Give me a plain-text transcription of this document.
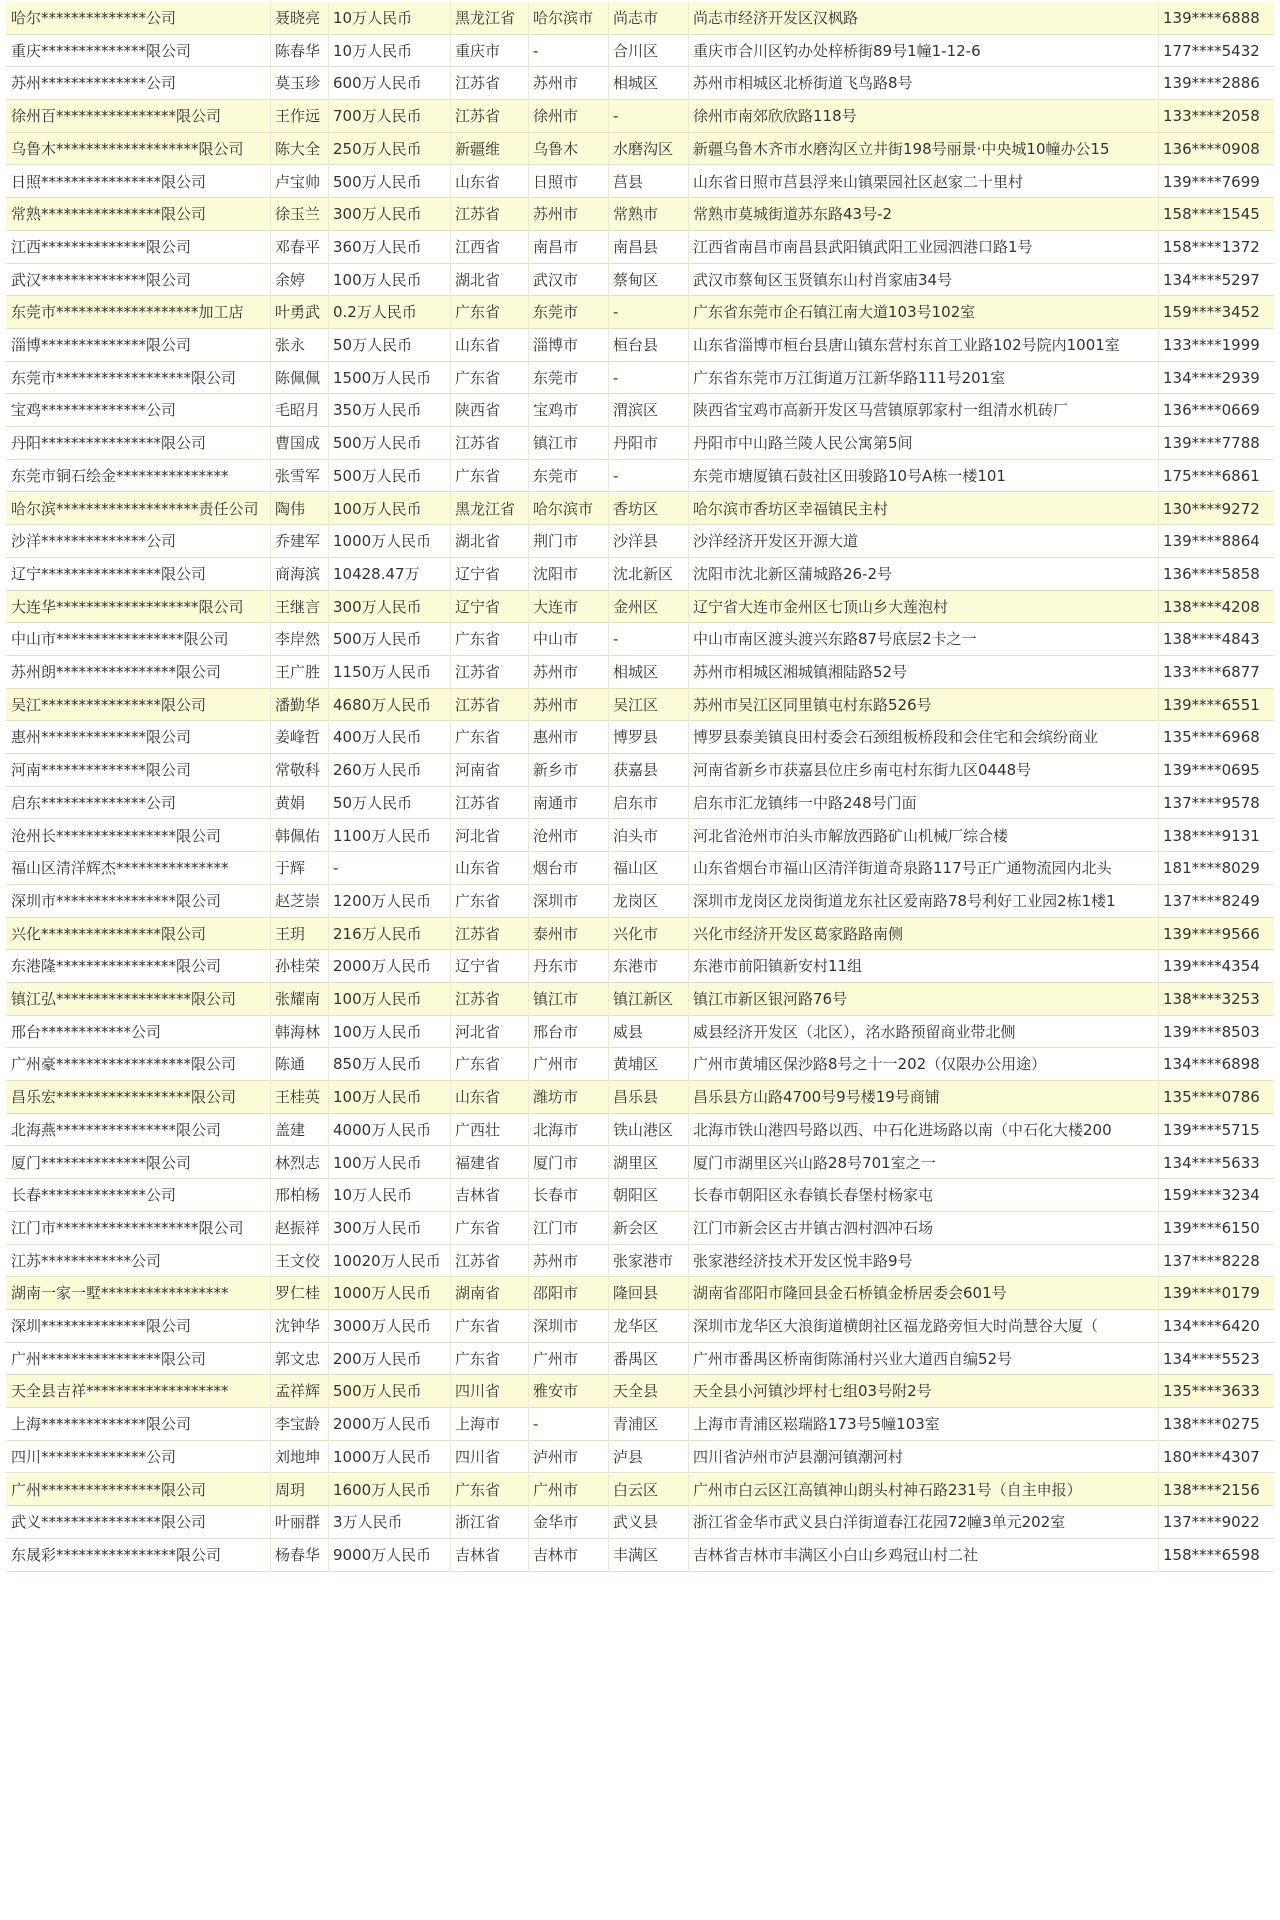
哈尔**************公司	聂晓亮 10万人民币	黑龙江省	哈尔滨市	尚志市	尚志市经济开发区汉枫路	139****6888
重庆**************限公司	陈春华 10万人民币	重庆市	-	合川区	重庆市合川区钓办处梓桥街89号1幢1-12-6	177****5432
苏州**************公司	莫玉珍 600万人民币	江苏省	苏州市	相城区	苏州市相城区北桥街道飞鸟路8号	139****2886
徐州百****************限公司	王作远 700万人民币	江苏省	徐州市	-	徐州市南郊欣欣路118号	133****2058
乌鲁木*******************限公司	陈大全 250万人民币	新疆维	乌鲁木	水磨沟区	新疆乌鲁木齐市水磨沟区立井街198号丽景·中央城10幢办公15	136****0908
日照****************限公司	卢宝帅 500万人民币	山东省	日照市	莒县	山东省日照市莒县浮来山镇栗园社区赵家二十里村	139****7699
常熟****************限公司	徐玉兰 300万人民币	江苏省	苏州市	常熟市	常熟市莫城街道苏东路43号-2	158****1545
江西**************限公司	邓春平 360万人民币	江西省	南昌市	南昌县	江西省南昌市南昌县武阳镇武阳工业园泗港口路1号	158****1372
武汉**************限公司	余婷	100万人民币	湖北省	武汉市	蔡甸区	武汉市蔡甸区玉贤镇东山村肖家庙34号	134****5297
东莞市*******************加工店	叶勇武 0.2万人民币	广东省	东莞市	-	广东省东莞市企石镇江南大道103号102室	159****3452
淄博**************限公司	张永	50万人民币	山东省	淄博市	桓台县	山东省淄博市桓台县唐山镇东营村东首工业路102号院内1001室	133****1999
东莞市******************限公司	陈佩佩 1500万人民币	广东省	东莞市	-	广东省东莞市万江街道万江新华路111号201室	134****2939
宝鸡**************公司	毛昭月 350万人民币	陕西省	宝鸡市	渭滨区	陕西省宝鸡市高新开发区马营镇原郭家村一组清水机砖厂	136****0669
丹阳****************限公司	曹国成 500万人民币	江苏省	镇江市	丹阳市	丹阳市中山路兰陵人民公寓第5间	139****7788
东莞市铜石绘金***************	张雪军 500万人民币	广东省	东莞市	-	东莞市塘厦镇石鼓社区田骏路10号A栋一楼101	175****6861
哈尔滨*******************责任公司	陶伟	100万人民币	黑龙江省	哈尔滨市	香坊区	哈尔滨市香坊区幸福镇民主村	130****9272
沙洋**************公司	乔建军 1000万人民币	湖北省	荆门市	沙洋县	沙洋经济开发区开源大道	139****8864
辽宁****************限公司	商海滨 10428.47万	辽宁省	沈阳市	沈北新区	沈阳市沈北新区蒲城路26-2号	136****5858
大连华*******************限公司	王继言 300万人民币	辽宁省	大连市	金州区	辽宁省大连市金州区七顶山乡大莲泡村	138****4208
中山市*****************限公司	李岸然 500万人民币	广东省	中山市	-	中山市南区渡头渡兴东路87号底层2卡之一	138****4843
苏州朗****************限公司	王广胜 1150万人民币	江苏省	苏州市	相城区	苏州市相城区湘城镇湘陆路52号	133****6877
吴江****************限公司	潘勤华 4680万人民币	江苏省	苏州市	吴江区	苏州市吴江区同里镇屯村东路526号	139****6551
惠州**************限公司	姜峰哲 400万人民币	广东省	惠州市	博罗县	博罗县泰美镇良田村委会石颈组板桥段和会住宅和会缤纷商业	135****6968
河南**************限公司	常敬科 260万人民币	河南省	新乡市	获嘉县	河南省新乡市获嘉县位庄乡南屯村东街九区0448号	139****0695
启东**************公司	黄娟	50万人民币	江苏省	南通市	启东市	启东市汇龙镇纬一中路248号门面	137****9578
沧州长****************限公司	韩佩佑 1100万人民币	河北省	沧州市	泊头市	河北省沧州市泊头市解放西路矿山机械厂综合楼	138****9131
福山区清洋辉杰***************	于辉	-	山东省	烟台市	福山区	山东省烟台市福山区清洋街道奇泉路117号正广通物流园内北头	181****8029
深圳市****************限公司	赵芝崇 1200万人民币	广东省	深圳市	龙岗区	深圳市龙岗区龙岗街道龙东社区爱南路78号利好工业园2栋1楼1	137****8249
兴化****************限公司	王玥	216万人民币	江苏省	泰州市	兴化市	兴化市经济开发区葛家路路南侧	139****9566
东港隆****************限公司	孙桂荣 2000万人民币	辽宁省	丹东市	东港市	东港市前阳镇新安村11组	139****4354
镇江弘******************限公司	张耀南 100万人民币	江苏省	镇江市	镇江新区	镇江市新区银河路76号	138****3253
邢台************公司	韩海林 100万人民币	河北省	邢台市	威县	威县经济开发区（北区），洺水路预留商业带北侧	139****8503
广州豪******************限公司	陈通	850万人民币	广东省	广州市	黄埔区	广州市黄埔区保沙路8号之十一202（仅限办公用途）	134****6898
昌乐宏******************限公司	王桂英 100万人民币	山东省	潍坊市	昌乐县	昌乐县方山路4700号9号楼19号商铺	135****0786
北海燕****************限公司	盖建	4000万人民币	广西壮	北海市	铁山港区	北海市铁山港四号路以西、中石化进场路以南（中石化大楼200	139****5715
厦门**************限公司	林烈志 100万人民币	福建省	厦门市	湖里区	厦门市湖里区兴山路28号701室之一	134****5633
长春**************公司	邢柏杨 10万人民币	吉林省	长春市	朝阳区	长春市朝阳区永春镇长春堡村杨家屯	159****3234
江门市*******************限公司	赵振祥 300万人民币	广东省	江门市	新会区	江门市新会区古井镇古泗村泗冲石场	139****6150
江苏************公司	王文佼 10020万人民币 江苏省	苏州市	张家港市	张家港经济技术开发区悦丰路9号	137****8228
湖南一家一墅*****************	罗仁桂 1000万人民币	湖南省	邵阳市	隆回县	湖南省邵阳市隆回县金石桥镇金桥居委会601号	139****0179
深圳**************限公司	沈钟华 3000万人民币	广东省	深圳市	龙华区	深圳市龙华区大浪街道横朗社区福龙路旁恒大时尚慧谷大厦（	134****6420
广州****************限公司	郭文忠 200万人民币	广东省	广州市	番禺区	广州市番禺区桥南街陈涌村兴业大道西自编52号	134****5523
天全县吉祥*******************	孟祥辉 500万人民币	四川省	雅安市	天全县	天全县小河镇沙坪村七组03号附2号	135****3633
上海**************限公司	李宝龄 2000万人民币	上海市	-	青浦区	上海市青浦区崧瑞路173号5幢103室	138****0275
四川**************公司	刘地坤 1000万人民币	四川省	泸州市	泸县	四川省泸州市泸县潮河镇潮河村	180****4307
广州****************限公司	周玥	1600万人民币	广东省	广州市	白云区	广州市白云区江高镇神山朗头村神石路231号（自主申报）	138****2156
武义****************限公司	叶丽群 3万人民币	浙江省	金华市	武义县	浙江省金华市武义县白洋街道春江花园72幢3单元202室	137****9022
东晟彩****************限公司	杨春华 9000万人民币	吉林省	吉林市	丰满区	吉林省吉林市丰满区小白山乡鸡冠山村二社	158****6598
